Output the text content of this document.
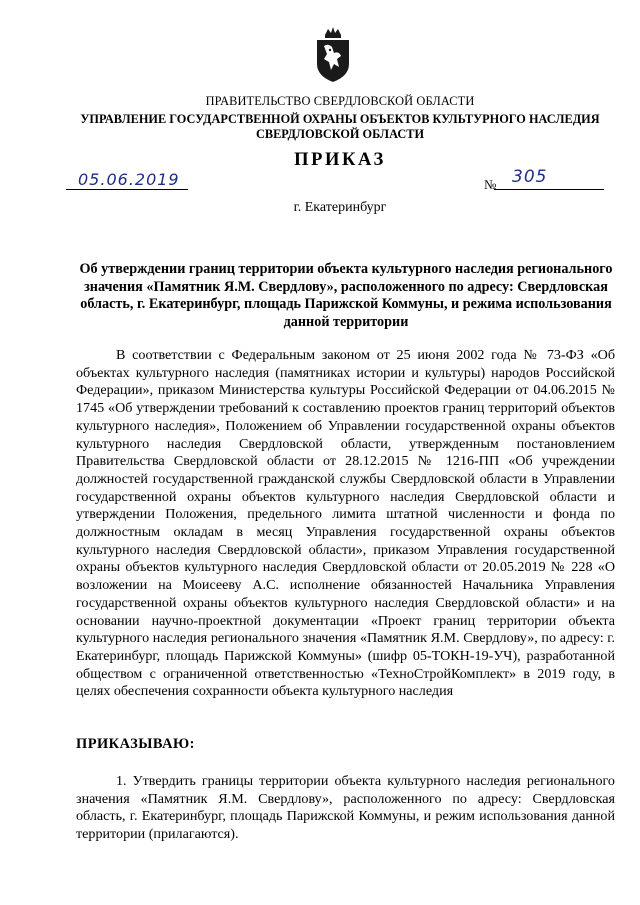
ПРАВИТЕЛЬСТВО СВЕРДЛОВСКОЙ ОБЛАСТИ
УПРАВЛЕНИЕ ГОСУДАРСТВЕННОЙ ОХРАНЫ ОБЪЕКТОВ КУЛЬТУРНОГО НАСЛЕДИЯ СВЕРДЛОВСКОЙ ОБЛАСТИ
ПРИКАЗ
05.06.2019	№ 305
г. Екатеринбург
Об утверждении границ территории объекта культурного наследия регионального значения «Памятник Я.М. Свердлову», расположенного по адресу: Свердловская область, г. Екатеринбург, площадь Парижской Коммуны, и режима использования данной территории
В соответствии с Федеральным законом от 25 июня 2002 года № 73-ФЗ «Об объектах культурного наследия (памятниках истории и культуры) народов Российской Федерации», приказом Министерства культуры Российской Федерации от 04.06.2015 № 1745 «Об утверждении требований к составлению проектов границ территорий объектов культурного наследия», Положением об Управлении государственной охраны объектов культурного наследия Свердловской области, утвержденным постановлением Правительства Свердловской области от 28.12.2015 № 1216-ПП «Об учреждении должностей государственной гражданской службы Свердловской области в Управлении государственной охраны объектов культурного наследия Свердловской области и утверждении Положения, предельного лимита штатной численности и фонда по должностным окладам в месяц Управления государственной охраны объектов культурного наследия Свердловской области», приказом Управления государственной охраны объектов культурного наследия Свердловской области от 20.05.2019 № 228 «О возложении на Моисееву А.С. исполнение обязанностей Начальника Управления государственной охраны объектов культурного наследия Свердловской области» и на основании научно-проектной документации «Проект границ территории объекта культурного наследия регионального значения «Памятник Я.М. Свердлову», по адресу: г. Екатеринбург, площадь Парижской Коммуны» (шифр 05-ТОКН-19-УЧ), разработанной обществом с ограниченной ответственностью «ТехноСтройКомплект» в 2019 году, в целях обеспечения сохранности объекта культурного наследия
ПРИКАЗЫВАЮ:
1. Утвердить границы территории объекта культурного наследия регионального значения «Памятник Я.М. Свердлову», расположенного по адресу: Свердловская область, г. Екатеринбург, площадь Парижской Коммуны, и режим использования данной территории (прилагаются).
